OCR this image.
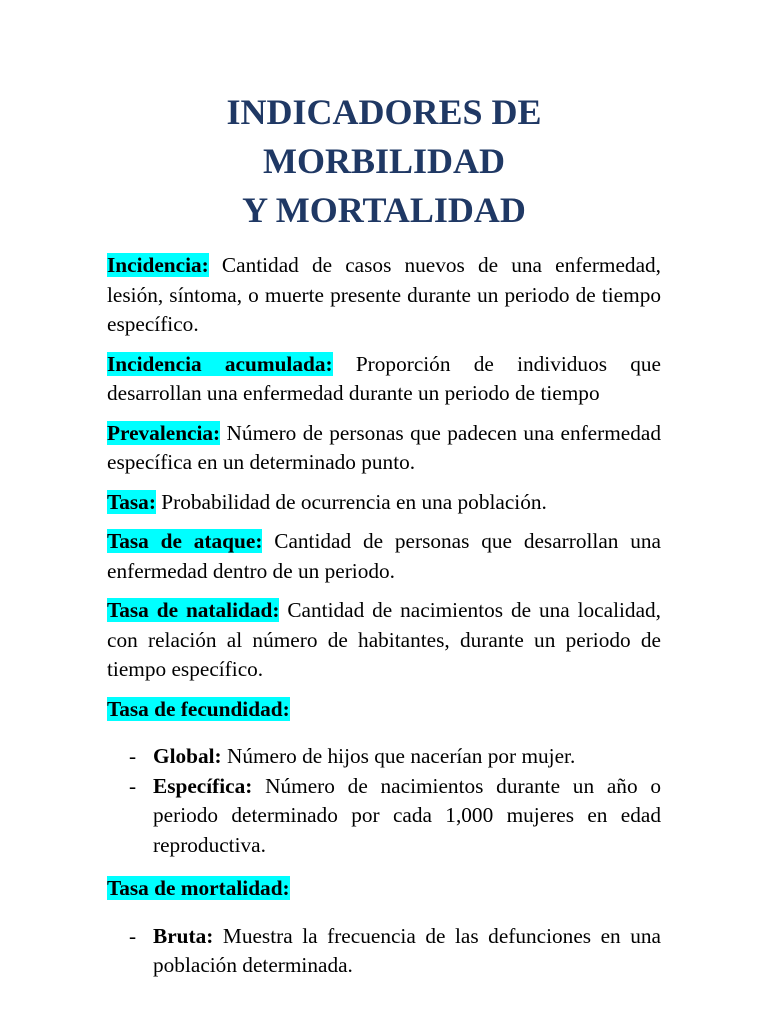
INDICADORES DE MORBILIDAD
Y MORTALIDAD

Incidencia: Cantidad de casos nuevos de una enfermedad, lesión, síntoma, o muerte presente durante un periodo de tiempo específico.

Incidencia acumulada: Proporción de individuos que desarrollan una enfermedad durante un periodo de tiempo

Prevalencia: Número de personas que padecen una enfermedad específica en un determinado punto.

Tasa: Probabilidad de ocurrencia en una población.

Tasa de ataque: Cantidad de personas que desarrollan una enfermedad dentro de un periodo.

Tasa de natalidad: Cantidad de nacimientos de una localidad, con relación al número de habitantes, durante un periodo de tiempo específico.

Tasa de fecundidad:

- Global: Número de hijos que nacerían por mujer.
- Específica: Número de nacimientos durante un año o periodo determinado por cada 1,000 mujeres en edad reproductiva.

Tasa de mortalidad:

- Bruta: Muestra la frecuencia de las defunciones en una población determinada.
